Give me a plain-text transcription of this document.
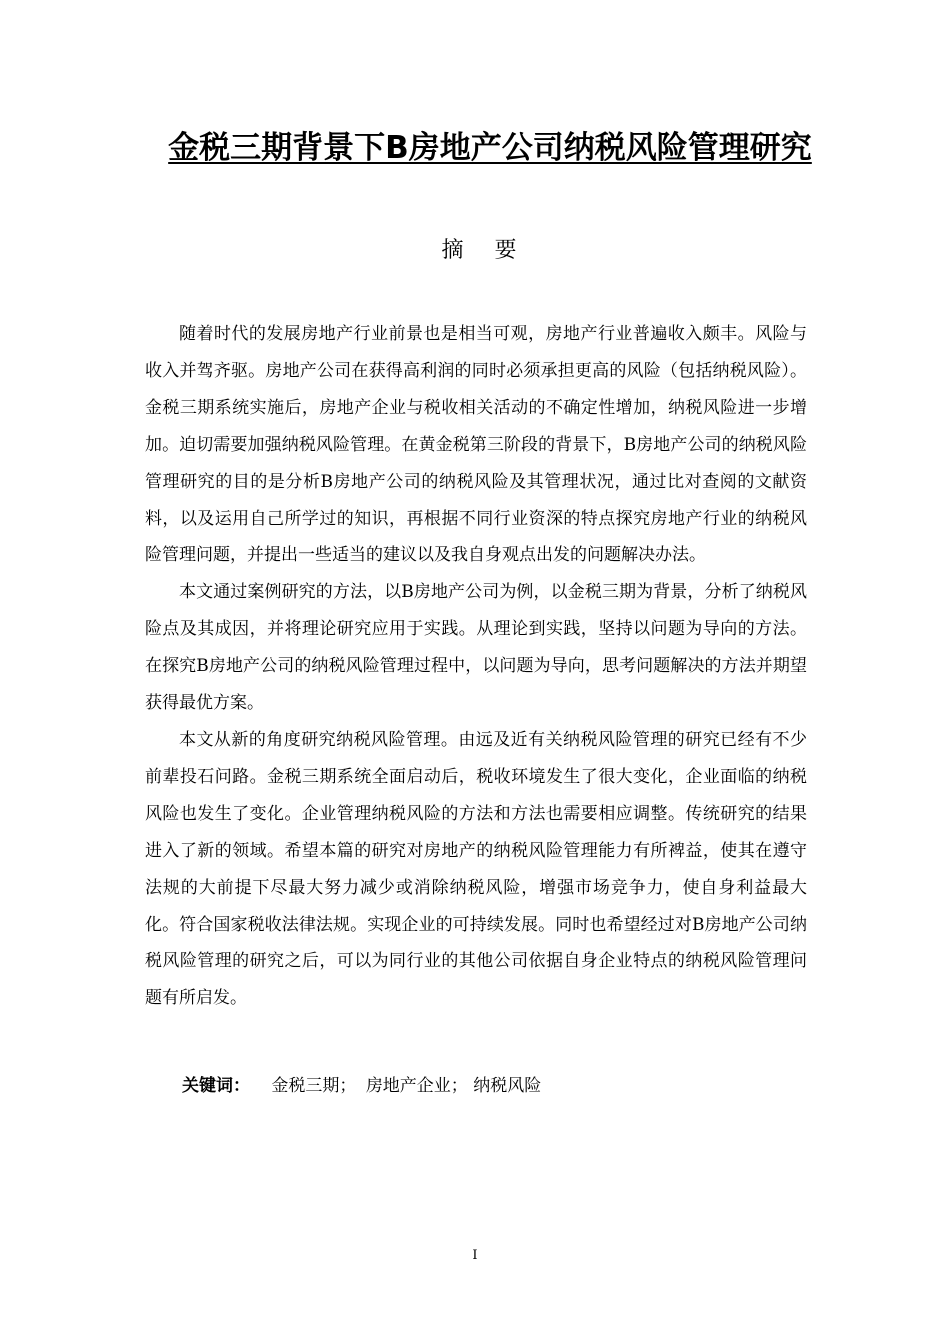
金税三期背景下B房地产公司纳税风险管理研究
摘 要

随着时代的发展房地产行业前景也是相当可观，房地产行业普遍收入颇丰。风险与收入并驾齐驱。房地产公司在获得高利润的同时必须承担更高的风险（包括纳税风险）。金税三期系统实施后，房地产企业与税收相关活动的不确定性增加，纳税风险进一步增加。迫切需要加强纳税风险管理。在黄金税第三阶段的背景下，B房地产公司的纳税风险管理研究的目的是分析B房地产公司的纳税风险及其管理状况，通过比对查阅的文献资料，以及运用自己所学过的知识，再根据不同行业资深的特点探究房地产行业的纳税风险管理问题，并提出一些适当的建议以及我自身观点出发的问题解决办法。

本文通过案例研究的方法，以B房地产公司为例，以金税三期为背景，分析了纳税风险点及其成因，并将理论研究应用于实践。从理论到实践，坚持以问题为导向的方法。在探究B房地产公司的纳税风险管理过程中，以问题为导向，思考问题解决的方法并期望获得最优方案。

本文从新的角度研究纳税风险管理。由远及近有关纳税风险管理的研究已经有不少前辈投石问路。金税三期系统全面启动后，税收环境发生了很大变化，企业面临的纳税风险也发生了变化。企业管理纳税风险的方法和方法也需要相应调整。传统研究的结果进入了新的领域。希望本篇的研究对房地产的纳税风险管理能力有所裨益，使其在遵守法规的大前提下尽最大努力减少或消除纳税风险，增强市场竞争力，使自身利益最大化。符合国家税收法律法规。实现企业的可持续发展。同时也希望经过对B房地产公司纳税风险管理的研究之后，可以为同行业的其他公司依据自身企业特点的纳税风险管理问题有所启发。

关键词： 金税三期； 房地产企业； 纳税风险
I
